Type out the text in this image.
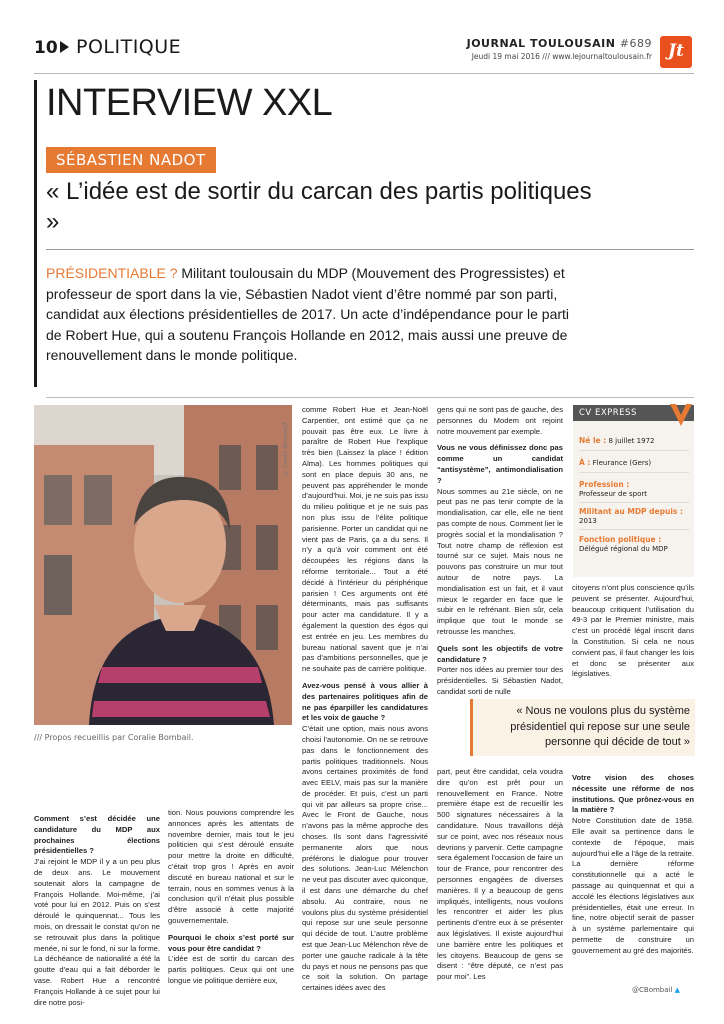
10 POLITIQUE	JOURNAL TOULOUSAIN #689
Jeudi 19 mai 2016 /// www.lejournaltoulousain.fr Jt
INTERVIEW XXL
SÉBASTIEN NADOT
« L’idée est de sortir du carcan des partis politiques »
PRÉSIDENTIABLE ? Militant toulousain du MDP (Mouvement des Progressistes) et professeur de sport dans la vie, Sébastien Nadot vient d’être nommé par son parti, candidat aux élections présidentielles de 2017. Un acte d’indépendance pour le parti de Robert Hue, qui a soutenu François Hollande en 2012, mais aussi une preuve de renouvellement dans le monde politique.
© Coralie Bombail/JT
/// Propos recueillis par Coralie Bombail.

Comment s’est décidée une candidature du MDP aux prochaines élections présidentielles ?

J’ai rejoint le MDP il y a un peu plus de deux ans. Le mouvement soutenait alors la campagne de François Hollande. Moi-même, j’ai voté pour lui en 2012. Puis on s’est déroulé le quinquennat... Tous les mois, on dressait le constat qu’on ne se retrouvait plus dans la politique menée, ni sur le fond, ni sur la forme. La déchéance de nationalité a été la goutte d’eau qui a fait déborder le vase. Robert Hue a rencontré François Hollande à ce sujet pour lui dire notre posi-

tion. Nous pouvions comprendre les annonces après les attentats de novembre dernier, mais tout le jeu politicien qui s’est déroulé ensuite pour mettre la droite en difficulté, c’était trop gros ! Après en avoir discuté en bureau national et sur le terrain, nous en sommes venus à la conclusion qu’il n’était plus possible d’être associé à cette majorité gouvernementale.

Pourquoi le choix s’est porté sur vous pour être candidat ?

L’idée est de sortir du carcan des partis politiques. Ceux qui ont une longue vie politique derrière eux,

comme Robert Hue et Jean-Noël Carpentier, ont estimé que ça ne pouvait pas être eux. Le livre à paraître de Robert Hue l’explique très bien (Laissez la place ! édition Alma). Les hommes politiques qui sont en place depuis 30 ans, ne peuvent pas appréhender le monde d’aujourd’hui. Moi, je ne suis pas issu du milieu politique et je ne suis pas non plus issu de l’élite politique parisienne. Porter un candidat qui ne vient pas de Paris, ça a du sens. Il n’y a qu’à voir comment ont été découpées les régions dans la réforme territoriale... Tout a été décidé à l’intérieur du périphérique parisien ! Ces arguments ont été déterminants, mais pas suffisants pour acter ma candidature. Il y a également la question des égos qui est entrée en jeu. Les membres du bureau national savent que je n’ai pas d’ambitions personnelles, que je ne souhaite pas de carrière politique.

Avez-vous pensé à vous allier à des partenaires politiques afin de ne pas éparpiller les candidatures et les voix de gauche ?

C’était une option, mais nous avons choisi l’autonomie. On ne se retrouve pas dans le fonctionnement des partis politiques traditionnels. Nous avons certaines proximités de fond avec EELV, mais pas sur la manière de procéder. Et puis, c’est un parti qui vit par ailleurs sa propre crise... Avec le Front de Gauche, nous n’avons pas la même approche des choses. Ils sont dans l’agressivité permanente alors que nous préférons le dialogue pour trouver des solutions. Jean-Luc Mélenchon ne veut pas discuter avec quiconque, il est dans une démarche du chef absolu. Au contraire, nous ne voulons plus du système présidentiel qui repose sur une seule personne qui décide de tout. L’autre problème est que Jean-Luc Mélenchon rêve de porter une gauche radicale à la tête du pays et nous ne pensons pas que ce soit la solution. On partage certaines idées avec des

gens qui ne sont pas de gauche, des personnes du Modem ont rejoint notre mouvement par exemple.

Vous ne vous définissez donc pas comme un candidat “antisystème”, antimondialisation ?

Nous sommes au 21e siècle, on ne peut pas ne pas tenir compte de la mondialisation, car elle, elle ne tient pas compte de nous. Comment lier le progrès social et la mondialisation ? Tout notre champ de réflexion est tourné sur ce sujet. Mais nous ne pouvons pas construire un mur tout autour de notre pays. La mondialisation est un fait, et il vaut mieux le regarder en face que le subir en le refrénant. Bien sûr, cela implique que tout le monde se retrousse les manches.

Quels sont les objectifs de votre candidature ?

Porter nos idées au premier tour des présidentielles. Si Sébastien Nadot, candidat sorti de nulle

citoyens n’ont plus conscience qu’ils peuvent se présenter. Aujourd’hui, beaucoup critiquent l’utilisation du 49-3 par le Premier ministre, mais c’est un procédé légal inscrit dans la Constitution. Si cela ne nous convient pas, il faut changer les lois et donc se présenter aux législatives.

part, peut être candidat, cela voudra dire qu’on est prêt pour un renouvellement en France. Notre première étape est de recueillir les 500 signatures nécessaires à la candidature. Nous travaillons déjà sur ce point, avec nos réseaux nous devrions y parvenir. Cette campagne sera également l’occasion de faire un tour de France, pour rencontrer des personnes engagées de diverses manières. Il y a beaucoup de gens impliqués, intelligents, nous voulons les rencontrer et aider les plus pertinents d’entre eux à se présenter aux législatives. Il existe aujourd’hui une barrière entre les politiques et les citoyens. Beaucoup de gens se disent : “être député, ce n’est pas pour moi”. Les

Votre vision des choses nécessite une réforme de nos institutions. Que prônez-vous en la matière ?

Notre Constitution date de 1958. Elle avait sa pertinence dans le contexte de l’époque, mais aujourd’hui elle a l’âge de la retraite. La dernière réforme constitutionnelle qui a acté le passage au quinquennat et qui a accolé les élections législatives aux présidentielles, était une erreur. In fine, notre objectif serait de passer à un système parlementaire qui permette de construire un gouvernement au gré des majorités.

CV EXPRESS
Né le : 8 juillet 1972
À : Fleurance (Gers)
Profession :
Professeur de sport
Militant au MDP depuis :
2013
Fonction politique :
Délégué régional du MDP
« Nous ne voulons plus du système présidentiel qui repose sur une seule personne qui décide de tout »
@CBombail ▲
